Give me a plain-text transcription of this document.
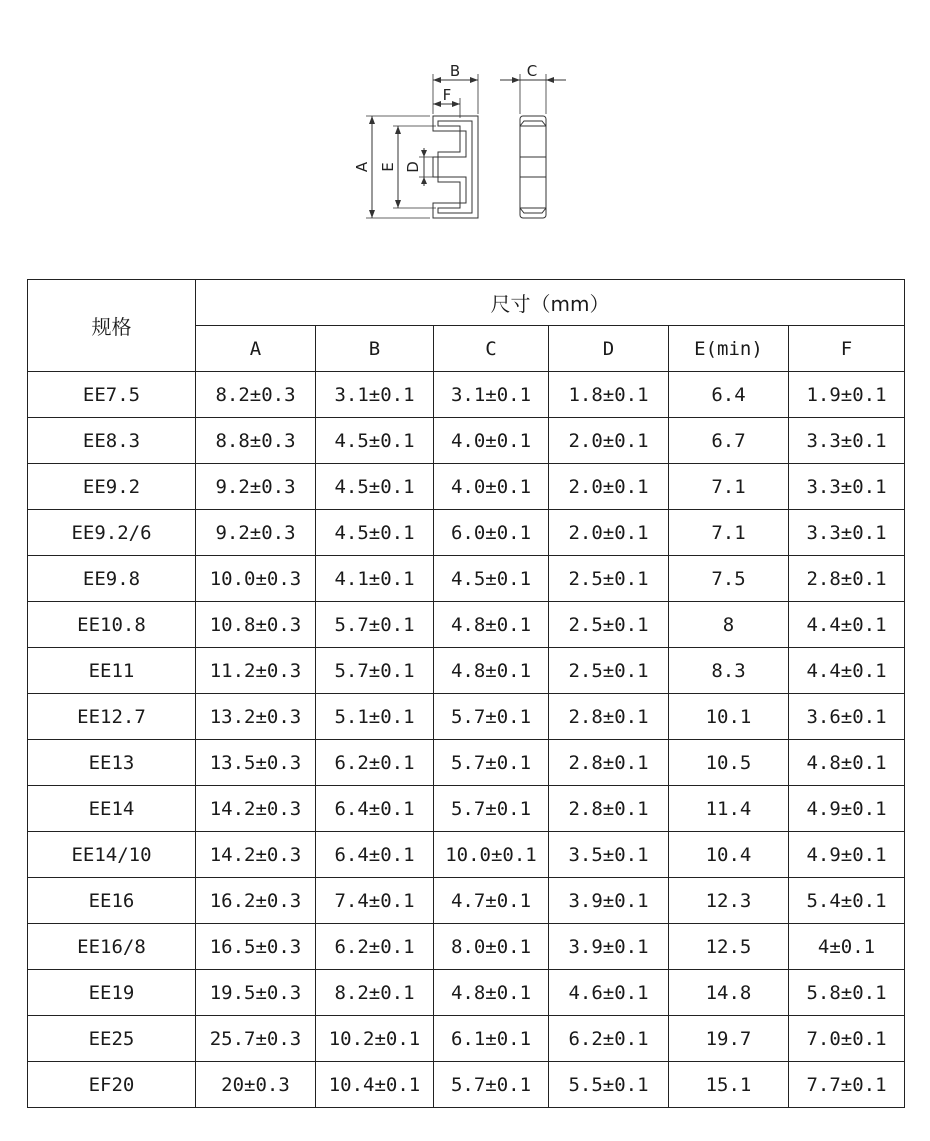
A E D
B
F
C
规格	尺寸（mm）					
	A	B	C	D	E(min)	F
EE7.5	8.2±0.3	3.1±0.1	3.1±0.1	1.8±0.1	6.4	1.9±0.1
EE8.3	8.8±0.3	4.5±0.1	4.0±0.1	2.0±0.1	6.7	3.3±0.1
EE9.2	9.2±0.3	4.5±0.1	4.0±0.1	2.0±0.1	7.1	3.3±0.1
EE9.2/6	9.2±0.3	4.5±0.1	6.0±0.1	2.0±0.1	7.1	3.3±0.1
EE9.8	10.0±0.3	4.1±0.1	4.5±0.1	2.5±0.1	7.5	2.8±0.1
EE10.8	10.8±0.3	5.7±0.1	4.8±0.1	2.5±0.1	8	4.4±0.1
EE11	11.2±0.3	5.7±0.1	4.8±0.1	2.5±0.1	8.3	4.4±0.1
EE12.7	13.2±0.3	5.1±0.1	5.7±0.1	2.8±0.1	10.1	3.6±0.1
EE13	13.5±0.3	6.2±0.1	5.7±0.1	2.8±0.1	10.5	4.8±0.1
EE14	14.2±0.3	6.4±0.1	5.7±0.1	2.8±0.1	11.4	4.9±0.1
EE14/10	14.2±0.3	6.4±0.1	10.0±0.1	3.5±0.1	10.4	4.9±0.1
EE16	16.2±0.3	7.4±0.1	4.7±0.1	3.9±0.1	12.3	5.4±0.1
EE16/8	16.5±0.3	6.2±0.1	8.0±0.1	3.9±0.1	12.5	4±0.1
EE19	19.5±0.3	8.2±0.1	4.8±0.1	4.6±0.1	14.8	5.8±0.1
EE25	25.7±0.3	10.2±0.1	6.1±0.1	6.2±0.1	19.7	7.0±0.1
EF20	20±0.3	10.4±0.1	5.7±0.1	5.5±0.1	15.1	7.7±0.1
